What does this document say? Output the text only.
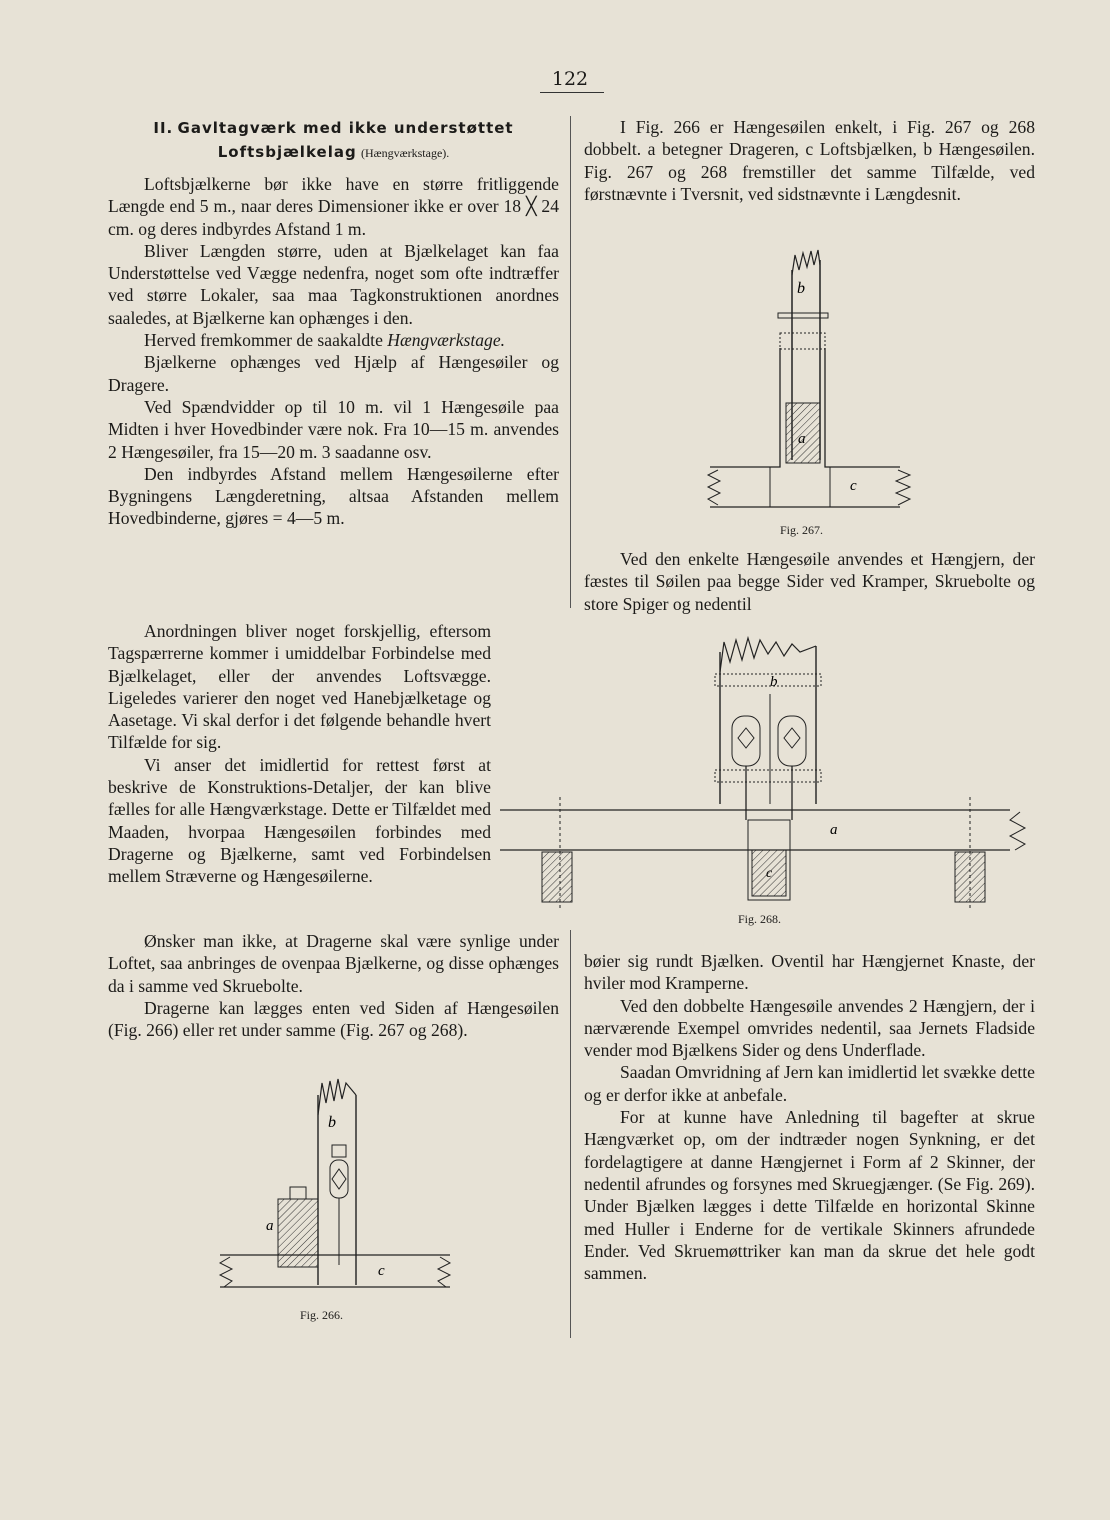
122
II. Gavltagværk med ikke understøttet
Loftsbjælkelag (Hængværkstage).

Loftsbjælkerne bør ikke have en større fritliggende Længde end 5 m., naar deres Dimensioner ikke er over 18 ╳ 24 cm. og deres indbyrdes Afstand 1 m.

Bliver Længden større, uden at Bjælkelaget kan faa Understøttelse ved Vægge nedenfra, noget som ofte indtræffer ved større Lokaler, saa maa Tagkonstruktionen anordnes saaledes, at Bjælkerne kan ophænges i den.

Herved fremkommer de saakaldte Hængværkstage.

Bjælkerne ophænges ved Hjælp af Hængesøiler og Dragere.

Ved Spændvidder op til 10 m. vil 1 Hængesøile paa Midten i hver Hovedbinder være nok. Fra 10—15 m. anvendes 2 Hængesøiler, fra 15—20 m. 3 saadanne osv.

Den indbyrdes Afstand mellem Hængesøilerne efter Bygningens Længderetning, altsaa Afstanden mellem Hovedbinderne, gjøres = 4—5 m.

Anordningen bliver noget forskjellig, eftersom Tagspærrerne kommer i umiddelbar Forbindelse med Bjælkelaget, eller der anvendes Loftsvægge. Ligeledes varierer den noget ved Hanebjælketage og Aasetage. Vi skal derfor i det følgende behandle hvert Tilfælde for sig.

Vi anser det imidlertid for rettest først at beskrive de Konstruktions-Detaljer, der kan blive fælles for alle Hængværkstage. Dette er Tilfældet med Maaden, hvorpaa Hængesøilen forbindes med Dragerne og Bjælkerne, samt ved Forbindelsen mellem Stræverne og Hængesøilerne.

Ønsker man ikke, at Dragerne skal være synlige under Loftet, saa anbringes de ovenpaa Bjælkerne, og disse ophænges da i samme ved Skruebolte.

Dragerne kan lægges enten ved Siden af Hængesøilen (Fig. 266) eller ret under samme (Fig. 267 og 268).

I Fig. 266 er Hængesøilen enkelt, i Fig. 267 og 268 dobbelt. a betegner Drageren, c Loftsbjælken, b Hængesøilen. Fig. 267 og 268 fremstiller det samme Tilfælde, ved førstnævnte i Tversnit, ved sidstnævnte i Længdesnit.

Ved den enkelte Hængesøile anvendes et Hængjern, der fæstes til Søilen paa begge Sider ved Kramper, Skruebolte og store Spiger og nedentil

bøier sig rundt Bjælken. Oventil har Hængjernet Knaste, der hviler mod Kramperne.

Ved den dobbelte Hængesøile anvendes 2 Hængjern, der i nærværende Exempel omvrides nedentil, saa Jernets Fladside vender mod Bjælkens Sider og dens Underflade.

Saadan Omvridning af Jern kan imidlertid let svække dette og er derfor ikke at anbefale.

For at kunne have Anledning til bagefter at skrue Hængværket op, om der indtræder nogen Synkning, er det fordelagtigere at danne Hængjernet i Form af 2 Skinner, der nedentil afrundes og forsynes med Skruegjænger. (Se Fig. 269). Under Bjælken lægges i dette Tilfælde en horizontal Skinne med Huller i Enderne for de vertikale Skinners afrundede Ender. Ved Skruemøttriker kan man da skrue det hele godt sammen.

b
a
c
Fig. 267.
b
a
c
Fig. 268.
b
a
c
Fig. 266.
